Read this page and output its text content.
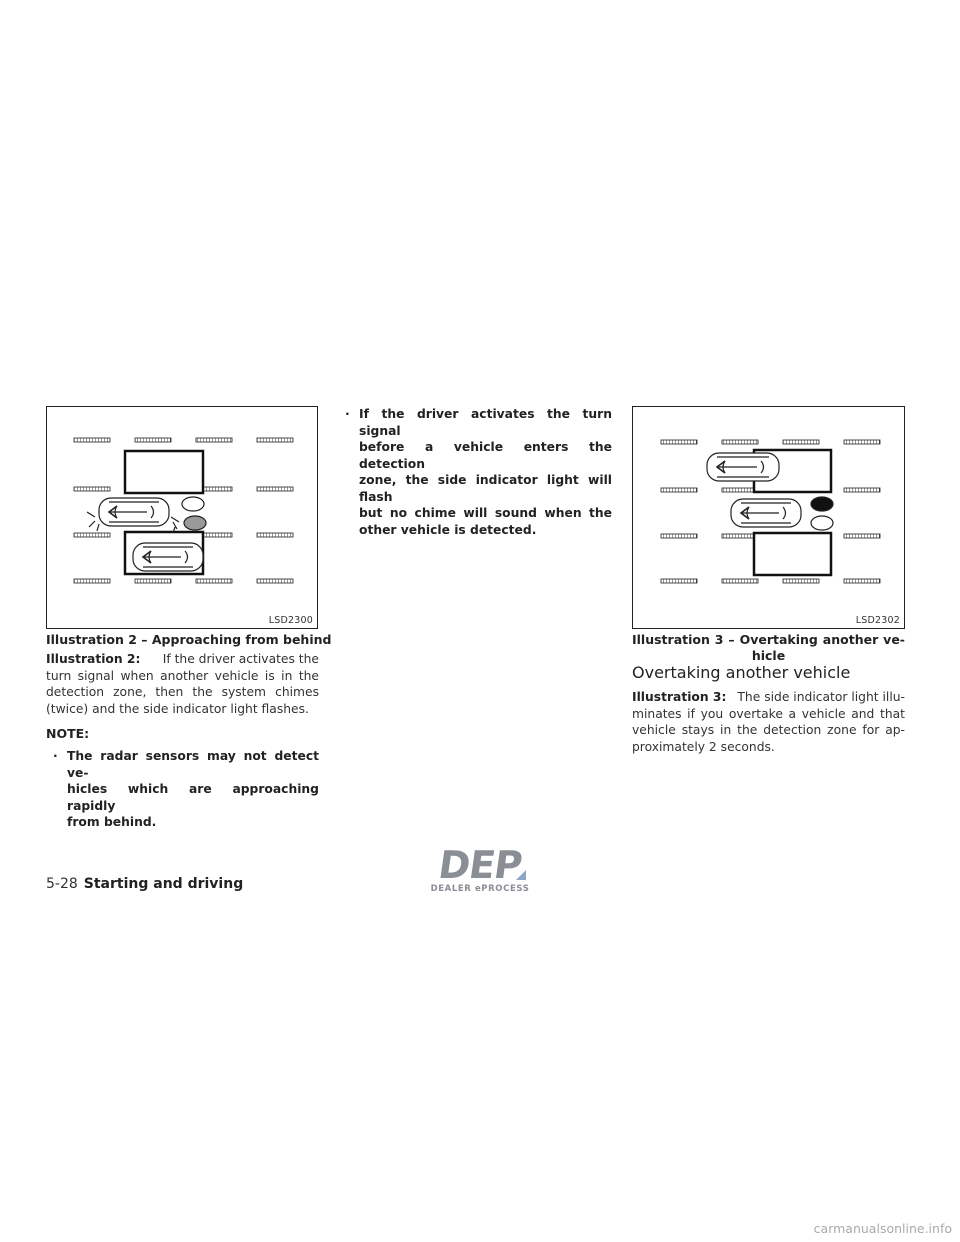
LSD2300
Illustration 2 – Approaching from behind
Illustration 2: If the driver activates the
turn signal when another vehicle is in the
detection zone, then the system chimes
(twice) and the side indicator light flashes.
NOTE:
· The radar sensors may not detect ve-
hicles which are approaching rapidly
from behind.
· If the driver activates the turn signal
before a vehicle enters the detection
zone, the side indicator light will flash
but no chime will sound when the
other vehicle is detected.
LSD2302
Illustration 3 – Overtaking another ve-
hicle
Overtaking another vehicle
Illustration 3: The side indicator light illu-
minates if you overtake a vehicle and that
vehicle stays in the detection zone for ap-
proximately 2 seconds.
5-28 Starting and driving	DEP
DEALER ePROCESS
carmanualsonline.info
